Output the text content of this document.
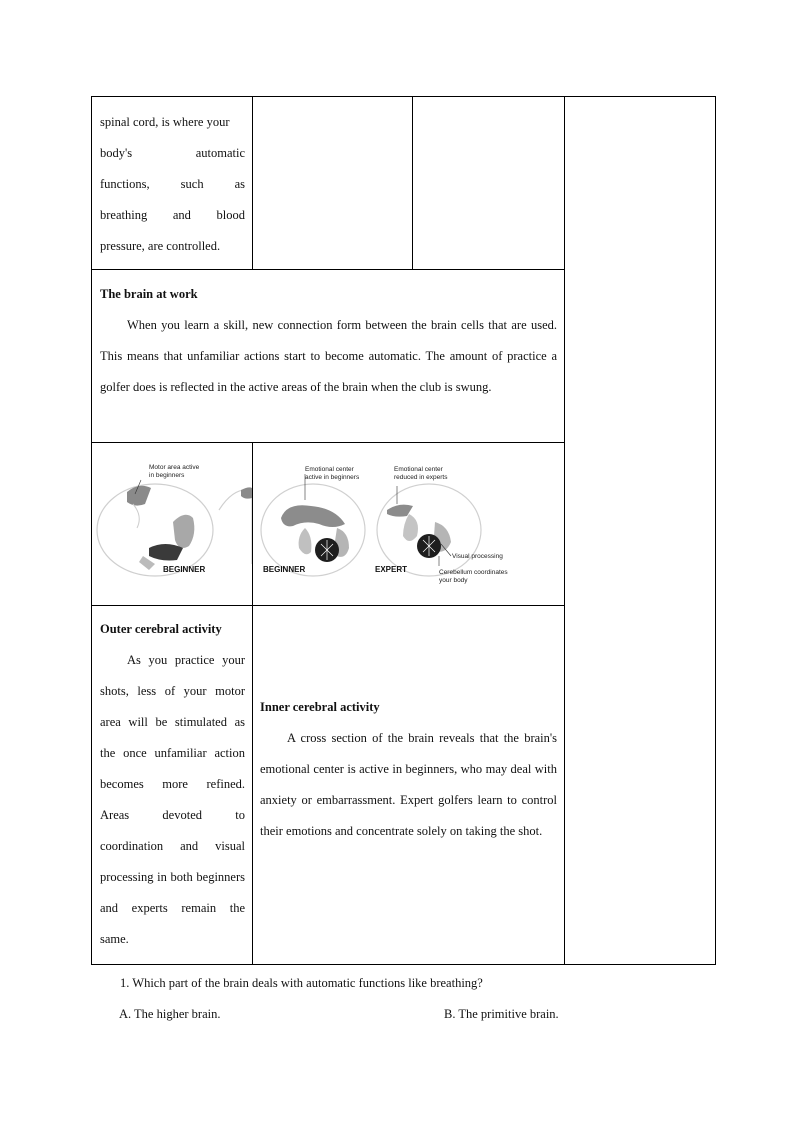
spinal cord, is where your
body's automatic
functions, such as
breathing and blood
pressure, are controlled.
The brain at work
When you learn a skill, new connection form between the brain cells that are used. This means that unfamiliar actions start to become automatic. The amount of practice a golfer does is reflected in the active areas of the brain when the club is swung.
Motor area active
in beginners
BEGINNER
Emotional center
active in beginners
BEGINNER
Emotional center
reduced in experts
Visual processing
Cerebellum coordinates
your body
EXPERT
Outer cerebral activity
As you practice your shots, less of your motor area will be stimulated as the once unfamiliar action becomes more refined. Areas devoted to coordination and visual processing in both beginners and experts remain the same.
Inner cerebral activity
A cross section of the brain reveals that the brain's emotional center is active in beginners, who may deal with anxiety or embarrassment. Expert golfers learn to control their emotions and concentrate solely on taking the shot.
1. Which part of the brain deals with automatic functions like breathing?
A. The higher brain.	B. The primitive brain.
